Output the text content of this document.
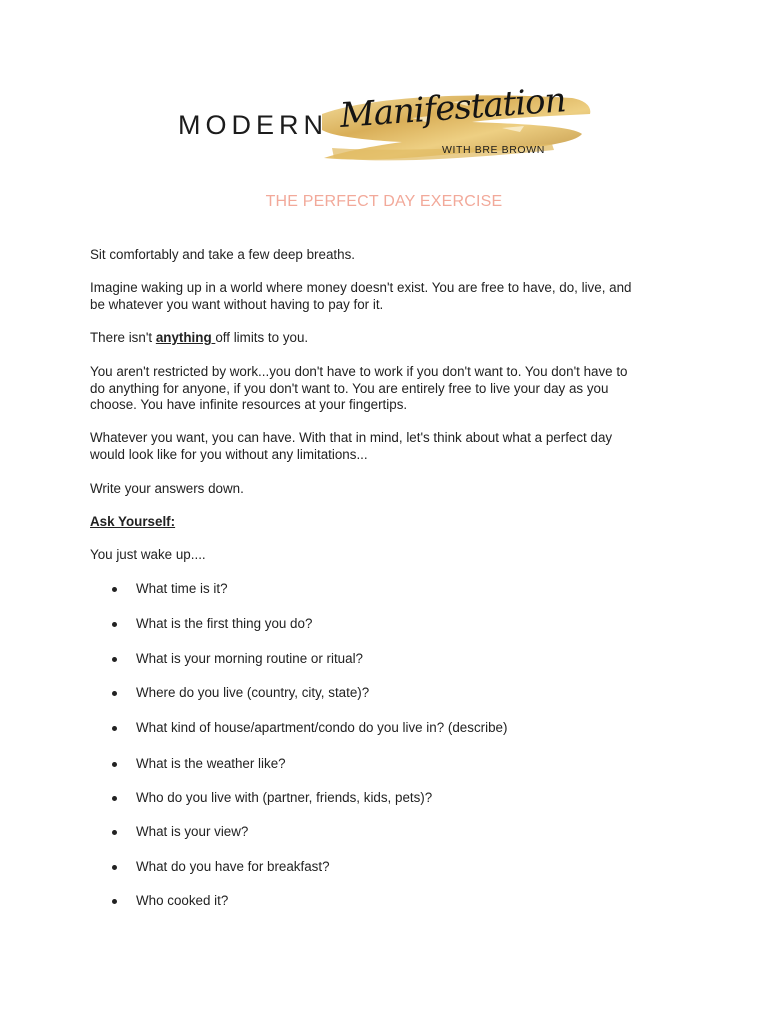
MODERN Manifestation
WITH BRE BROWN
THE PERFECT DAY EXERCISE
Sit comfortably and take a few deep breaths.
Imagine waking up in a world where money doesn't exist. You are free to have, do, live, and
be whatever you want without having to pay for it.
There isn't anything off limits to you.
You aren't restricted by work...you don't have to work if you don't want to. You don't have to
do anything for anyone, if you don't want to. You are entirely free to live your day as you
choose. You have infinite resources at your fingertips.
Whatever you want, you can have. With that in mind, let's think about what a perfect day
would look like for you without any limitations...
Write your answers down.
Ask Yourself:
You just wake up....
What time is it?
What is the first thing you do?
What is your morning routine or ritual?
Where do you live (country, city, state)?
What kind of house/apartment/condo do you live in? (describe)
What is the weather like?
Who do you live with (partner, friends, kids, pets)?
What is your view?
What do you have for breakfast?
Who cooked it?
